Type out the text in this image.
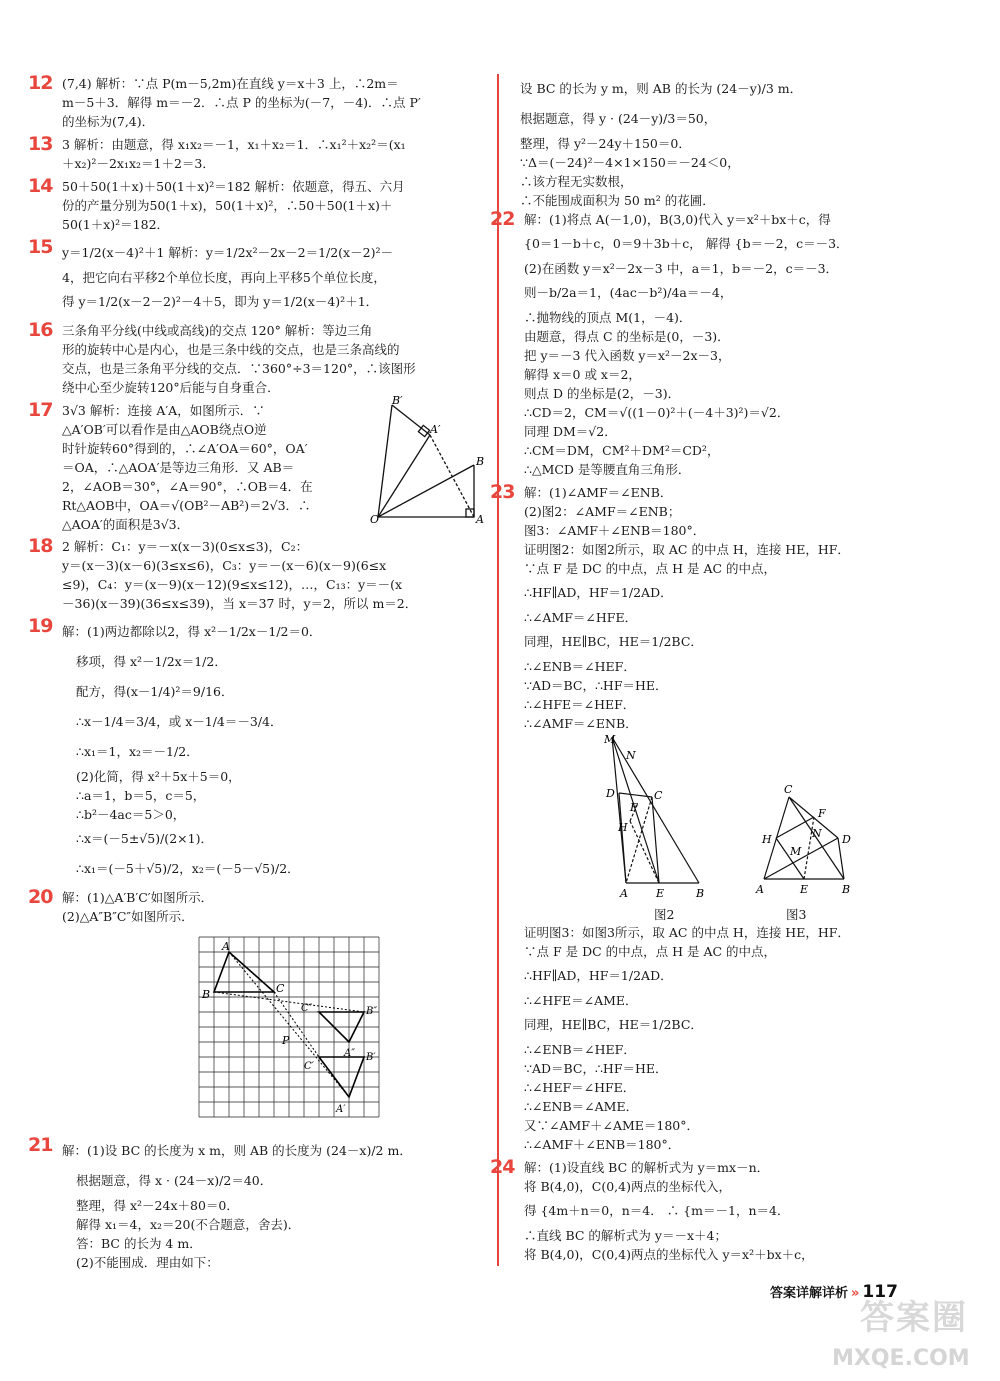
12 (7,4) 解析：∵点 P(m－5,2m)在直线 y＝x＋3 上，∴2m＝
m－5＋3．解得 m＝－2．∴点 P 的坐标为(－7，－4)．∴点 P′
的坐标为(7,4)．
13 3 解析：由题意，得 x₁x₂＝－1，x₁＋x₂＝1．∴x₁²＋x₂²＝(x₁
＋x₂)²－2x₁x₂＝1＋2＝3．
14 50＋50(1＋x)＋50(1＋x)²＝182 解析：依题意，得五、六月
份的产量分别为50(1＋x)，50(1＋x)²，∴50＋50(1＋x)＋
50(1＋x)²＝182．
15 y＝1/2(x－4)²＋1 解析：y＝1/2x²－2x－2＝1/2(x－2)²－
4，把它向右平移2个单位长度，再向上平移5个单位长度，
得 y＝1/2(x－2－2)²－4＋5，即为 y＝1/2(x－4)²＋1．
16 三条角平分线(中线或高线)的交点 120° 解析：等边三角
形的旋转中心是内心，也是三条中线的交点，也是三条高线的
交点，也是三条角平分线的交点．∵360°÷3＝120°，∴该图形
绕中心至少旋转120°后能与自身重合．
17 3√3 解析：连接 A′A，如图所示．∵
△A′OB′可以看作是由△AOB绕点O逆
时针旋转60°得到的，∴∠A′OA＝60°，OA′
＝OA，∴△AOA′是等边三角形．又 AB＝
2，∠AOB＝30°，∠A＝90°，∴OB＝4．在
Rt△AOB中，OA＝√(OB²－AB²)＝2√3．∴
△AOA′的面积是3√3．
B′
A′
B
A
O
18 2 解析：C₁：y＝－x(x－3)(0≤x≤3)，C₂：
y＝(x－3)(x－6)(3≤x≤6)，C₃：y＝－(x－6)(x－9)(6≤x
≤9)，C₄：y＝(x－9)(x－12)(9≤x≤12)，…，C₁₃：y＝－(x
－36)(x－39)(36≤x≤39)，当 x＝37 时，y＝2，所以 m＝2．
19 解：(1)两边都除以2，得 x²－1/2x－1/2＝0．
移项，得 x²－1/2x＝1/2．
配方，得(x－1/4)²＝9/16．
∴x－1/4＝3/4，或 x－1/4＝－3/4．
∴x₁＝1，x₂＝－1/2．
(2)化简，得 x²＋5x＋5＝0，
∴a＝1，b＝5，c＝5，
∴b²－4ac＝5＞0，
∴x＝(－5±√5)/(2×1)．
∴x₁＝(－5＋√5)/2，x₂＝(－5－√5)/2．
20 解：(1)△A′B′C′如图所示．
(2)△A″B″C″如图所示．
A
B	C
C″	B″
A″
P
C′
B′
A′
21 解：(1)设 BC 的长度为 x m，则 AB 的长度为 (24－x)/2 m．
根据题意，得 x · (24－x)/2＝40．
整理，得 x²－24x＋80＝0．
解得 x₁＝4，x₂＝20(不合题意，舍去)．
答：BC 的长为 4 m．
(2)不能围成．理由如下：
设 BC 的长为 y m，则 AB 的长为 (24－y)/3 m．
根据题意，得 y · (24－y)/3＝50，
整理，得 y²－24y＋150＝0．
∵Δ＝(－24)²－4×1×150＝－24＜0，
∴该方程无实数根，
∴不能围成面积为 50 m² 的花圃．
22 解：(1)将点 A(－1,0)，B(3,0)代入 y＝x²＋bx＋c，得
{0＝1－b＋c，0＝9＋3b＋c， 解得 {b＝－2，c＝－3．
(2)在函数 y＝x²－2x－3 中，a＝1，b＝－2，c＝－3．
则－b/2a＝1，(4ac－b²)/4a＝－4，
∴抛物线的顶点 M(1，－4)．
由题意，得点 C 的坐标是(0，－3)．
把 y＝－3 代入函数 y＝x²－2x－3，
解得 x＝0 或 x＝2，
则点 D 的坐标是(2，－3)．
∴CD＝2，CM＝√((1－0)²＋(－4＋3)²)＝√2．
同理 DM＝√2．
∴CM＝DM，CM²＋DM²＝CD²，
∴△MCD 是等腰直角三角形．
23 解：(1)∠AMF＝∠ENB．
(2)图2：∠AMF＝∠ENB；
图3：∠AMF＋∠ENB＝180°．
证明图2：如图2所示，取 AC 的中点 H，连接 HE，HF．
∵点 F 是 DC 的中点，点 H 是 AC 的中点，
∴HF∥AD，HF＝1/2AD．
∴∠AMF＝∠HFE．
同理，HE∥BC，HE＝1/2BC．
∴∠ENB＝∠HEF．
∵AD＝BC，∴HF＝HE．
∴∠HFE＝∠HEF．
∴∠AMF＝∠ENB．
M
N
D	C
F
H
A	E	B
C
F
D
N
H
M
A	E	B
图2	图3
证明图3：如图3所示，取 AC 的中点 H，连接 HE，HF．
∵点 F 是 DC 的中点，点 H 是 AC 的中点，
∴HF∥AD，HF＝1/2AD．
∴∠HFE＝∠AME．
同理，HE∥BC，HE＝1/2BC．
∴∠ENB＝∠HEF．
∵AD＝BC，∴HF＝HE．
∴∠HEF＝∠HFE．
∴∠ENB＝∠AME．
又∵∠AMF＋∠AME＝180°．
∴∠AMF＋∠ENB＝180°．
24 解：(1)设直线 BC 的解析式为 y＝mx－n．
将 B(4,0)，C(0,4)两点的坐标代入，
得 {4m＋n＝0，n＝4． ∴ {m＝－1，n＝4．
∴直线 BC 的解析式为 y＝－x＋4；
将 B(4,0)，C(0,4)两点的坐标代入 y＝x²＋bx＋c，
答案详解详析 » 117
答案圈
MXQE.COM
